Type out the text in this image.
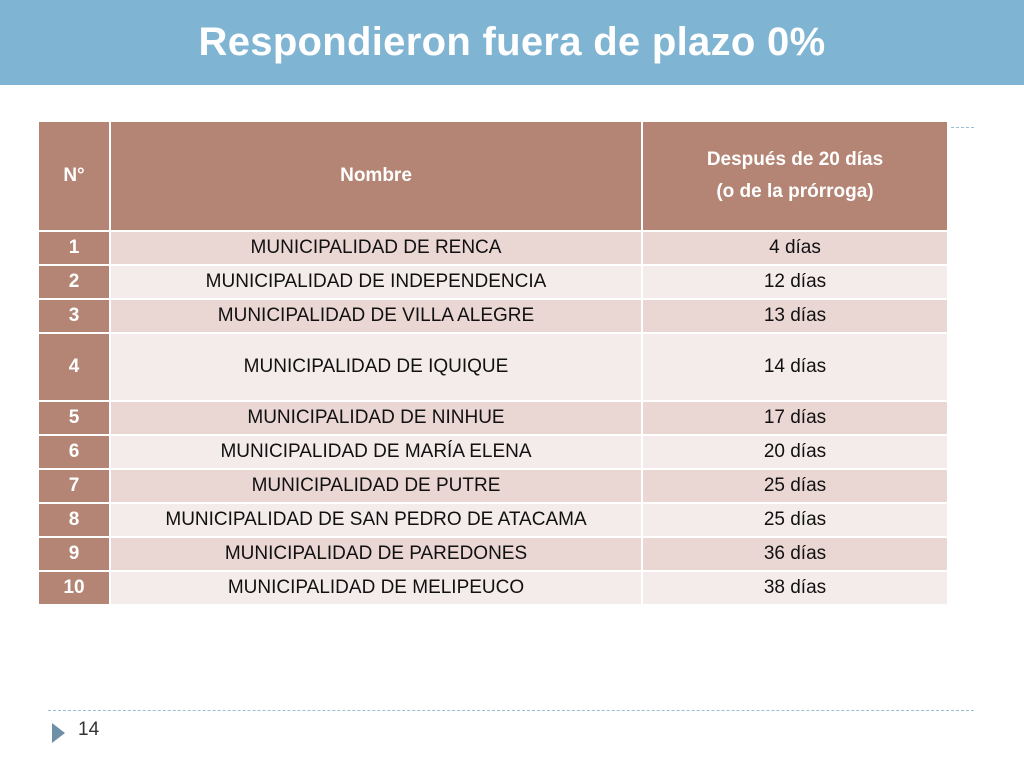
Respondieron fuera de plazo 0%
N°	Nombre	Después de 20 días
(o de la prórroga)

1	MUNICIPALIDAD DE RENCA	4 días
2	MUNICIPALIDAD DE INDEPENDENCIA	12 días
3	MUNICIPALIDAD DE VILLA ALEGRE	13 días
4	MUNICIPALIDAD DE IQUIQUE	14 días
5	MUNICIPALIDAD DE NINHUE	17 días
6	MUNICIPALIDAD DE MARÍA ELENA	20 días
7	MUNICIPALIDAD DE PUTRE	25 días
8	MUNICIPALIDAD DE SAN PEDRO DE ATACAMA	25 días
9	MUNICIPALIDAD DE PAREDONES	36 días
10	MUNICIPALIDAD DE MELIPEUCO	38 días
14
